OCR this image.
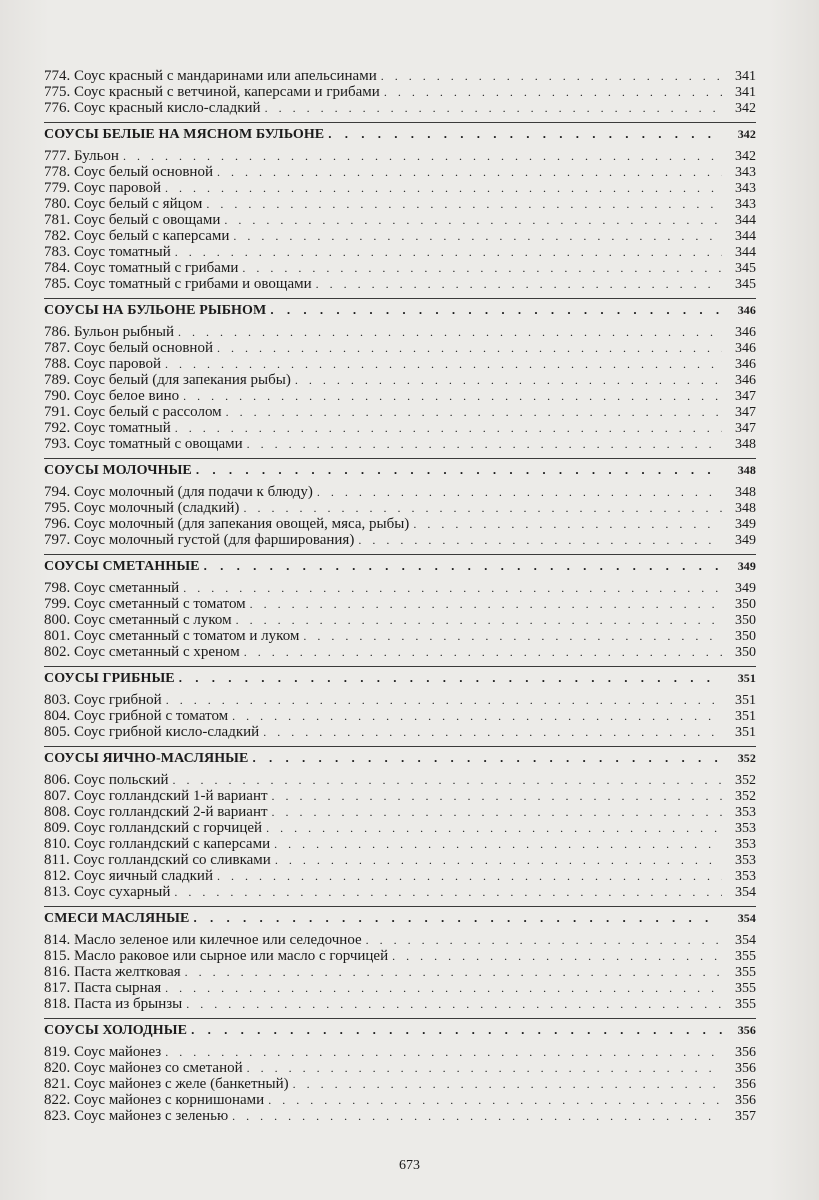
774. Соус красный с мандаринами или апельсинами . . .	341
775. Соус красный с ветчиной, каперсами и грибами . . .	341
776. Соус красный кисло-сладкий . . .	342
СОУСЫ БЕЛЫЕ НА МЯСНОМ БУЛЬОНЕ . . .	342
777. Бульон . . .	342
778. Соус белый основной . . .	343
779. Соус паровой . . .	343
780. Соус белый с яйцом . . .	343
781. Соус белый с овощами . . .	344
782. Соус белый с каперсами . . .	344
783. Соус томатный . . .	344
784. Соус томатный с грибами . . .	345
785. Соус томатный с грибами и овощами . . .	345
СОУСЫ НА БУЛЬОНЕ РЫБНОМ . . .	346
786. Бульон рыбный . . .	346
787. Соус белый основной . . .	346
788. Соус паровой . . .	346
789. Соус белый (для запекания рыбы) . . .	346
790. Соус белое вино . . .	347
791. Соус белый с рассолом . . .	347
792. Соус томатный . . .	347
793. Соус томатный с овощами . . .	348
СОУСЫ МОЛОЧНЫЕ . . .	348
794. Соус молочный (для подачи к блюду) . . .	348
795. Соус молочный (сладкий) . . .	348
796. Соус молочный (для запекания овощей, мяса, рыбы) . . .	349
797. Соус молочный густой (для фарширования) . . .	349
СОУСЫ СМЕТАННЫЕ . . .	349
798. Соус сметанный . . .	349
799. Соус сметанный с томатом . . .	350
800. Соус сметанный с луком . . .	350
801. Соус сметанный с томатом и луком . . .	350
802. Соус сметанный с хреном . . .	350
СОУСЫ ГРИБНЫЕ . . .	351
803. Соус грибной . . .	351
804. Соус грибной с томатом . . .	351
805. Соус грибной кисло-сладкий . . .	351
СОУСЫ ЯИЧНО-МАСЛЯНЫЕ . . .	352
806. Соус польский . . .	352
807. Соус голландский 1-й вариант . . .	352
808. Соус голландский 2-й вариант . . .	353
809. Соус голландский с горчицей . . .	353
810. Соус голландский с каперсами . . .	353
811. Соус голландский со сливками . . .	353
812. Соус яичный сладкий . . .	353
813. Соус сухарный . . .	354
СМЕСИ МАСЛЯНЫЕ . . .	354
814. Масло зеленое или килечное или селедочное . . .	354
815. Масло раковое или сырное или масло с горчицей . . .	355
816. Паста желтковая . . .	355
817. Паста сырная . . .	355
818. Паста из брынзы . . .	355
СОУСЫ ХОЛОДНЫЕ . . .	356
819. Соус майонез . . .	356
820. Соус майонез со сметаной . . .	356
821. Соус майонез с желе (банкетный) . . .	356
822. Соус майонез с корнишонами . . .	356
823. Соус майонез с зеленью . . .	357
673
